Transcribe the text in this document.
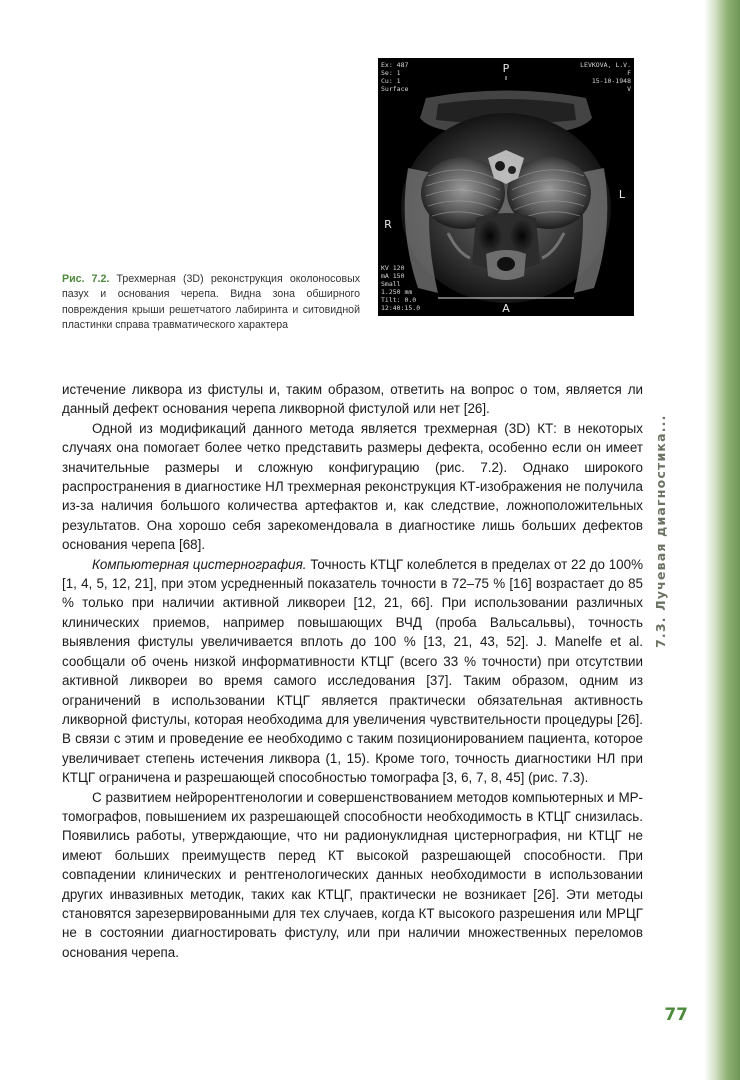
7.3. Лучевая диагностика...
Ex: 487
Se: 1
Cu: 1
Surface
LEVKOVA, L.V.
F
15-10-1948
V
KV 120
mA 150
Small
1.250 mm
Tilt: 0.0
12:40:15.0
P
L
R
A
Рис. 7.2. Трехмерная (3D) реконструкция околоносовых пазух и основания черепа. Видна зона обширного повреждения крыши решетчатого лабиринта и ситовидной пластинки справа травматического характера

истечение ликвора из фистулы и, таким образом, ответить на вопрос о том, является ли данный дефект основания черепа ликворной фистулой или нет [26].

Одной из модификаций данного метода является трехмерная (3D) КТ: в некоторых случаях она помогает более четко представить размеры дефекта, особенно если он имеет значительные размеры и сложную конфигурацию (рис. 7.2). Однако широкого распространения в диагностике НЛ трехмерная реконструкция КТ-изображения не получила из-за наличия большого количества артефактов и, как следствие, ложноположительных результатов. Она хорошо себя зарекомендовала в диагностике лишь больших дефектов основания черепа [68].

Компьютерная цистернография. Точность КТЦГ колеблется в пределах от 22 до 100% [1, 4, 5, 12, 21], при этом усредненный показатель точности в 72–75 % [16] возрастает до 85 % только при наличии активной ликвореи [12, 21, 66]. При использовании различных клинических приемов, например повышающих ВЧД (проба Вальсальвы), точность выявления фистулы увеличивается вплоть до 100 % [13, 21, 43, 52]. J. Manelfe et al. сообщали об очень низкой информативности КТЦГ (всего 33 % точности) при отсутствии активной ликвореи во время самого исследования [37]. Таким образом, одним из ограничений в использовании КТЦГ является практически обязательная активность ликворной фистулы, которая необходима для увеличения чувствительности процедуры [26]. В связи с этим и проведение ее необходимо с таким позиционированием пациента, которое увеличивает степень истечения ликвора (1, 15). Кроме того, точность диагностики НЛ при КТЦГ ограничена и разрешающей способностью томографа [3, 6, 7, 8, 45] (рис. 7.3).

С развитием нейрорентгенологии и совершенствованием методов компьютерных и МР-томографов, повышением их разрешающей способности необходимость в КТЦГ снизилась. Появились работы, утверждающие, что ни радионуклидная цистернография, ни КТЦГ не имеют больших преимуществ перед КТ высокой разрешающей способности. При совпадении клинических и рентгенологических данных необходимости в использовании других инвазивных методик, таких как КТЦГ, практически не возникает [26]. Эти методы становятся зарезервированными для тех случаев, когда КТ высокого разрешения или МРЦГ не в состоянии диагностировать фистулу, или при наличии множественных переломов основания черепа.

77
